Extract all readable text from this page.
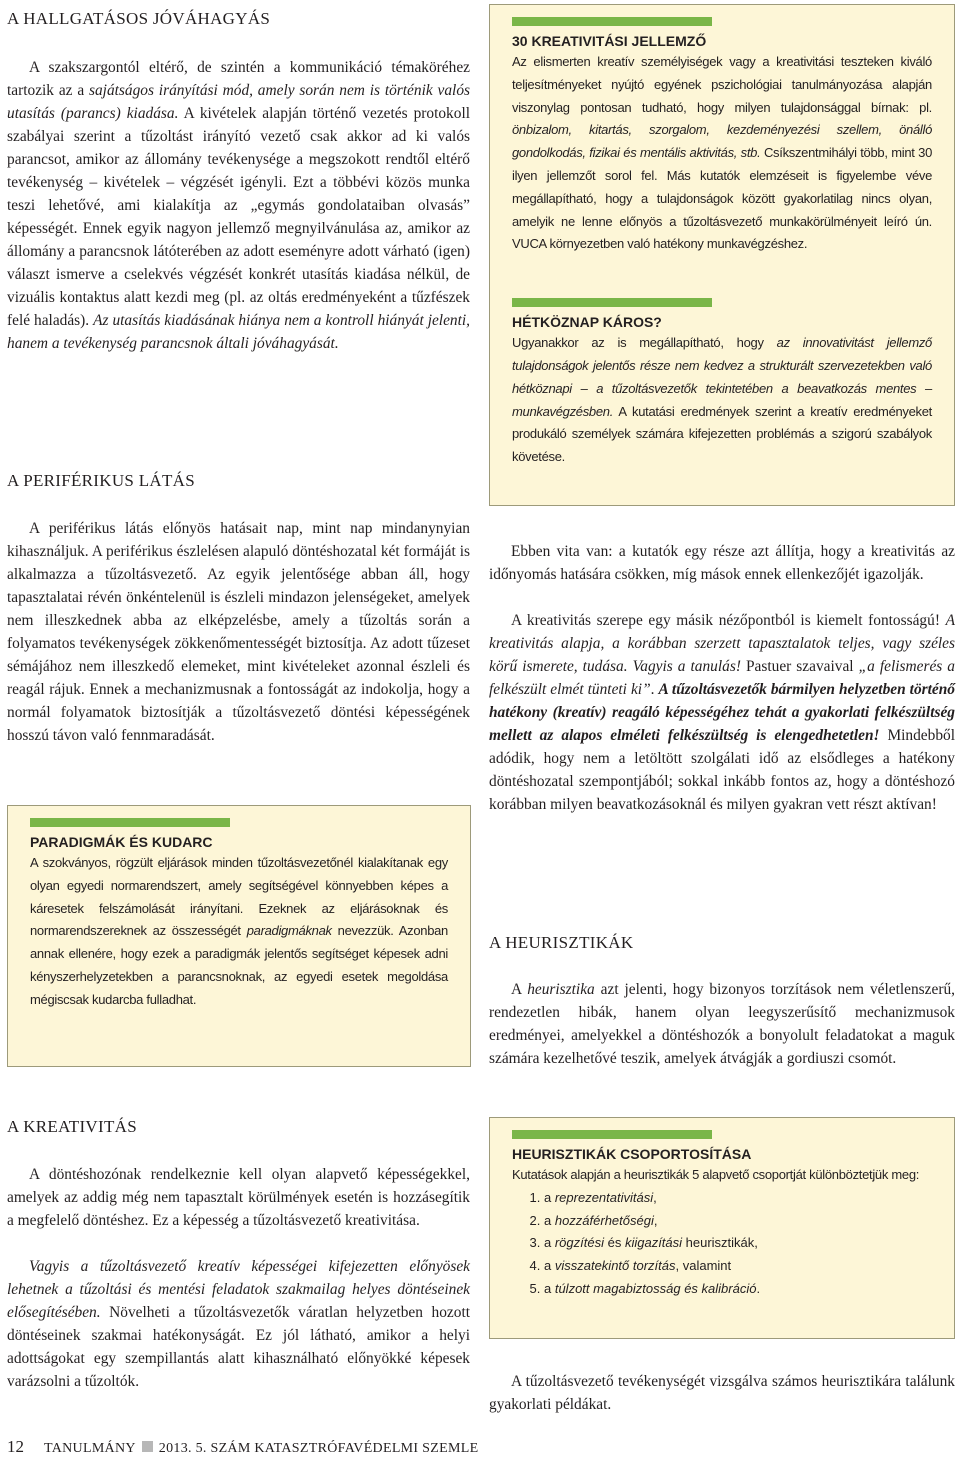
A HALLGATÁSOS JÓVÁHAGYÁS

A szakszargontól eltérő, de szintén a kommunikáció témaköréhez tartozik az a sajátságos irányítási mód, amely során nem is történik valós utasítás (parancs) kiadása. A kivételek alapján történő vezetés protokoll szabályai szerint a tűzoltást irányító vezető csak akkor ad ki valós parancsot, amikor az állomány tevékenysége a megszokott rendtől eltérő tevékenység – kivételek – végzését igényli. Ezt a többévi közös munka teszi lehetővé, ami kialakítja az „egymás gondolataiban olvasás” képességét. Ennek egyik nagyon jellemző megnyilvánulása az, amikor az állomány a parancsnok látóterében az adott eseményre adott várható (igen) választ ismerve a cselekvés végzését konkrét utasítás kiadása nélkül, de vizuális kontaktus alatt kezdi meg (pl. az oltás eredményeként a tűzfészek felé haladás). Az utasítás kiadásának hiánya nem a kontroll hiányát jelenti, hanem a tevékenység parancsnok általi jóváhagyását.

A PERIFÉRIKUS LÁTÁS

A periférikus látás előnyös hatásait nap, mint nap mindanynyian kihasználjuk. A periférikus észlelésen alapuló döntéshozatal két formáját is alkalmazza a tűzoltásvezető. Az egyik jelentősége abban áll, hogy tapasztalatai révén önkéntelenül is észleli mindazon jelenségeket, amelyek nem illeszkednek abba az elképzelésbe, amely a tűzoltás során a folyamatos tevékenységek zökkenőmentességét biztosítja. Az adott tűzeset sémájához nem illeszkedő elemeket, mint kivételeket azonnal észleli és reagál rájuk. Ennek a mechanizmusnak a fontosságát az indokolja, hogy a normál folyamatok biztosítják a tűzoltásvezető döntési képességének hosszú távon való fennmaradását.

A KREATIVITÁS

A döntéshozónak rendelkeznie kell olyan alapvető képességekkel, amelyek az addig még nem tapasztalt körülmények esetén is hozzásegítik a megfelelő döntéshez. Ez a képesség a tűzoltásvezető kreativitása.

Vagyis a tűzoltásvezető kreatív képességei kifejezetten előnyösek lehetnek a tűzoltási és mentési feladatok szakmailag helyes döntéseinek elősegítésében. Növelheti a tűzoltásvezetők váratlan helyzetben hozott döntéseinek szakmai hatékonyságát. Ez jól látható, amikor a helyi adottságokat egy szempillantás alatt kihasználható előnyökké képesek varázsolni a tűzoltók.

PARADIGMÁK ÉS KUDARC

A szokványos, rögzült eljárások minden tűzoltásvezetőnél kialakítanak egy olyan egyedi normarendszert, amely segítségével könnyebben képes a káresetek felszámolását irányítani. Ezeknek az eljárásoknak és normarendszereknek az összességét paradigmáknak nevezzük. Azonban annak ellenére, hogy ezek a paradigmák jelentős segítséget képesek adni kényszerhelyzetekben a parancsnoknak, az egyedi esetek megoldása mégiscsak kudarcba fulladhat.

30 KREATIVITÁSI JELLEMZŐ

Az elismerten kreatív személyiségek vagy a kreativitási teszteken kiváló teljesítményeket nyújtó egyének pszichológiai tanulmányozása alapján viszonylag pontosan tudható, hogy milyen tulajdonsággal bírnak: pl. önbizalom, kitartás, szorgalom, kezdeményezési szellem, önálló gondolkodás, fizikai és mentális aktivitás, stb. Csíkszentmihályi több, mint 30 ilyen jellemzőt sorol fel. Más kutatók elemzéseit is figyelembe véve megállapítható, hogy a tulajdonságok között gyakorlatilag nincs olyan, amelyik ne lenne előnyös a tűzoltásvezető munkakörülményeit leíró ún. VUCA környezetben való hatékony munkavégzéshez.

HÉTKÖZNAP KÁROS?

Ugyanakkor az is megállapítható, hogy az innovativitást jellemző tulajdonságok jelentős része nem kedvez a strukturált szervezetekben való hétköznapi – a tűzoltásvezetők tekintetében a beavatkozás mentes – munkavégzésben. A kutatási eredmények szerint a kreatív eredményeket produkáló személyek számára kifejezetten problémás a szigorú szabályok követése.

Ebben vita van: a kutatók egy része azt állítja, hogy a kreativitás az időnyomás hatására csökken, míg mások ennek ellenkezőjét igazolják.

A kreativitás szerepe egy másik nézőpontból is kiemelt fontosságú! A kreativitás alapja, a korábban szerzett tapasztalatok teljes, vagy széles körű ismerete, tudása. Vagyis a tanulás! Pastuer szavaival „a felismerés a felkészült elmét tünteti ki”. A tűzoltásvezetők bármilyen helyzetben történő hatékony (kreatív) reagáló képességéhez tehát a gyakorlati felkészültség mellett az alapos elméleti felkészültség is elengedhetetlen! Mindebből adódik, hogy nem a letöltött szolgálati idő az elsődleges a hatékony döntéshozatal szempontjából; sokkal inkább fontos az, hogy a döntéshozó korábban milyen beavatkozásoknál és milyen gyakran vett részt aktívan!

A HEURISZTIKÁK

A heurisztika azt jelenti, hogy bizonyos torzítások nem véletlenszerű, rendezetlen hibák, hanem olyan leegyszerűsítő mechanizmusok eredményei, amelyekkel a döntéshozók a bonyolult feladatokat a maguk számára kezelhetővé teszik, amelyek átvágják a gordiuszi csomót.

A tűzoltásvezető tevékenységét vizsgálva számos heurisztikára találunk gyakorlati példákat.

HEURISZTIKÁK CSOPORTOSÍTÁSA

Kutatások alapján a heurisztikák 5 alapvető csoportját különböztetjük meg:

1. a reprezentativitási,
2. a hozzáférhetőségi,
3. a rögzítési és kiigazítási heurisztikák,
4. a visszatekintő torzítás, valamint
5. a túlzott magabiztosság és kalibráció.
12 TANULMÁNY 2013. 5. SZÁM KATASZTRÓFAVÉDELMI SZEMLE
